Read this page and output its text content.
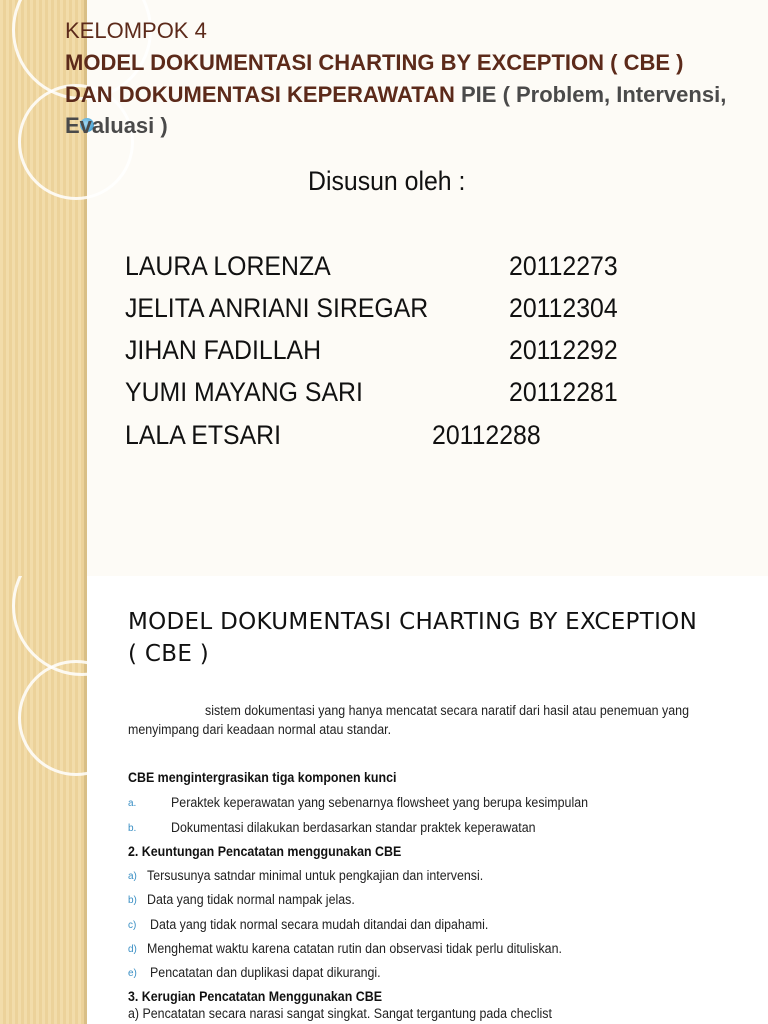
KELOMPOK 4
MODEL DOKUMENTASI CHARTING BY EXCEPTION ( CBE )
DAN DOKUMENTASI KEPERAWATAN PIE ( Problem, Intervensi,
Evaluasi )
Disusun oleh :
LAURA LORENZA	20112273
JELITA ANRIANI SIREGAR	20112304
JIHAN FADILLAH	20112292
YUMI MAYANG SARI	20112281
LALA ETSARI	20112288
MODEL DOKUMENTASI CHARTING BY EXCEPTION
( CBE )
sistem dokumentasi yang hanya mencatat secara naratif dari hasil atau penemuan yang
menyimpang dari keadaan normal atau standar.
CBE mengintergrasikan tiga komponen kunci
a.	Peraktek keperawatan yang sebenarnya flowsheet yang berupa kesimpulan
b.	Dokumentasi dilakukan berdasarkan standar praktek keperawatan
2. Keuntungan Pencatatan menggunakan CBE
a) Tersusunya satndar minimal untuk pengkajian dan intervensi.
b) Data yang tidak normal nampak jelas.
c) Data yang tidak normal secara mudah ditandai dan dipahami.
d) Menghemat waktu karena catatan rutin dan observasi tidak perlu dituliskan.
e) Pencatatan dan duplikasi dapat dikurangi.
3. Kerugian Pencatatan Menggunakan CBE
a) Pencatatan secara narasi sangat singkat. Sangat tergantung pada checlist
